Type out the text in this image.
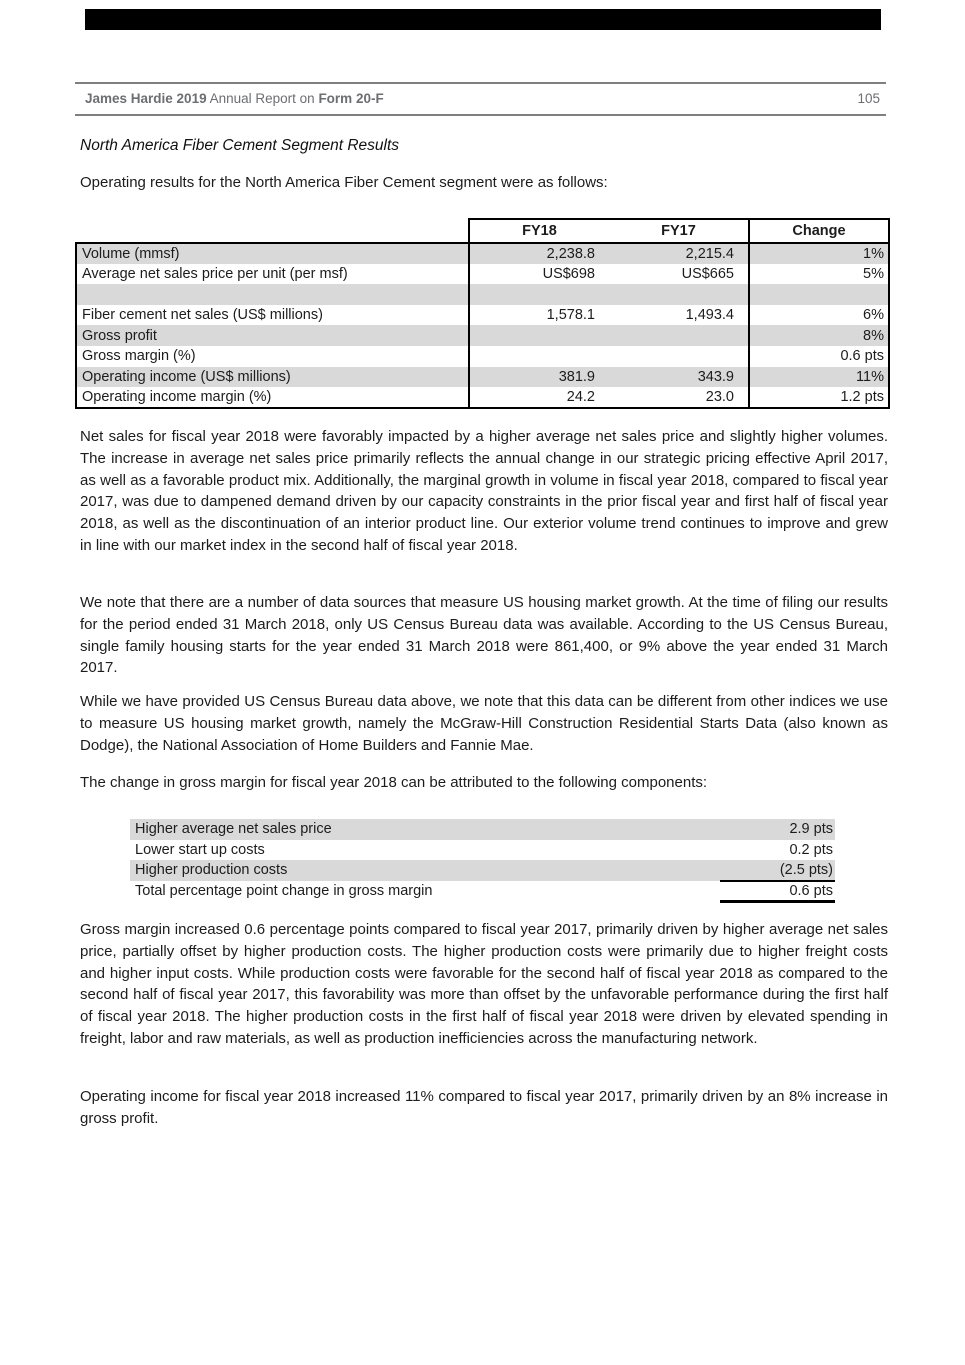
James Hardie 2019 Annual Report on Form 20-F	105
North America Fiber Cement Segment Results
Operating results for the North America Fiber Cement segment were as follows:
	FY18	FY17	Change
Volume (mmsf)	2,238.8	2,215.4	1%
Average net sales price per unit (per msf)	US$698	US$665	5%

Fiber cement net sales (US$ millions)	1,578.1	1,493.4	6%
Gross profit			8%
Gross margin (%)			0.6 pts
Operating income (US$ millions)	381.9	343.9	11%
Operating income margin (%)	24.2	23.0	1.2 pts
Net sales for fiscal year 2018 were favorably impacted by a higher average net sales price and slightly higher volumes. The increase in average net sales price primarily reflects the annual change in our strategic pricing effective April 2017, as well as a favorable product mix. Additionally, the marginal growth in volume in fiscal year 2018, compared to fiscal year 2017, was due to dampened demand driven by our capacity constraints in the prior fiscal year and first half of fiscal year 2018, as well as the discontinuation of an interior product line. Our exterior volume trend continues to improve and grew in line with our market index in the second half of fiscal year 2018.
We note that there are a number of data sources that measure US housing market growth. At the time of filing our results for the period ended 31 March 2018, only US Census Bureau data was available. According to the US Census Bureau, single family housing starts for the year ended 31 March 2018 were 861,400, or 9% above the year ended 31 March 2017.
While we have provided US Census Bureau data above, we note that this data can be different from other indices we use to measure US housing market growth, namely the McGraw-Hill Construction Residential Starts Data (also known as Dodge), the National Association of Home Builders and Fannie Mae.
The change in gross margin for fiscal year 2018 can be attributed to the following components:
Higher average net sales price	2.9 pts
Lower start up costs	0.2 pts
Higher production costs	(2.5 pts)
Total percentage point change in gross margin	0.6 pts
Gross margin increased 0.6 percentage points compared to fiscal year 2017, primarily driven by higher average net sales price, partially offset by higher production costs. The higher production costs were primarily due to higher freight costs and higher input costs. While production costs were favorable for the second half of fiscal year 2018 as compared to the second half of fiscal year 2017, this favorability was more than offset by the unfavorable performance during the first half of fiscal year 2018. The higher production costs in the first half of fiscal year 2018 were driven by elevated spending in freight, labor and raw materials, as well as production inefficiencies across the manufacturing network.
Operating income for fiscal year 2018 increased 11% compared to fiscal year 2017, primarily driven by an 8% increase in gross profit.
